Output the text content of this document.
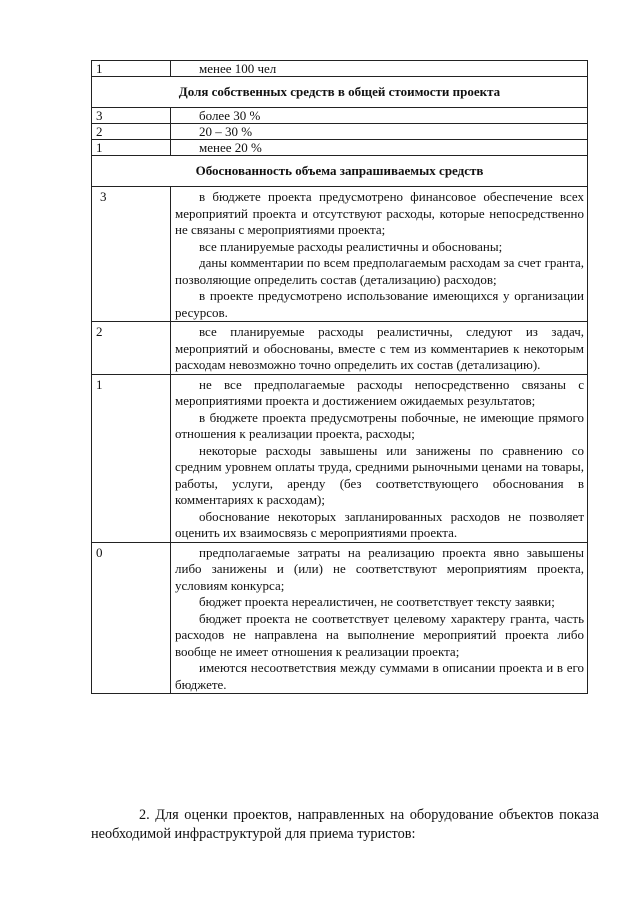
1	менее 100 чел

Доля собственных средств в общей стоимости проекта	
3	более 30 %

2	20 – 30 %

1	менее 20 %

Обоснованность объема запрашиваемых средств	
3	в бюджете проекта предусмотрено финансовое обеспечение всех мероприятий проекта и отсутствуют расходы, которые непосредственно не связаны с мероприятиями проекта;

все планируемые расходы реалистичны и обоснованы;

даны комментарии по всем предполагаемым расходам за счет гранта, позволяющие определить состав (детализацию) расходов;

в проекте предусмотрено использование имеющихся у организации ресурсов.

2	все планируемые расходы реалистичны, следуют из задач, мероприятий и обоснованы, вместе с тем из комментариев к некоторым расходам невозможно точно определить их состав (детализацию).

1	не все предполагаемые расходы непосредственно связаны с мероприятиями проекта и достижением ожидаемых результатов;

в бюджете проекта предусмотрены побочные, не имеющие прямого отношения к реализации проекта, расходы;

некоторые расходы завышены или занижены по сравнению со средним уровнем оплаты труда, средними рыночными ценами на товары, работы, услуги, аренду (без соответствующего обоснования в комментариях к расходам);

обоснование некоторых запланированных расходов не позволяет оценить их взаимосвязь с мероприятиями проекта.

0	предполагаемые затраты на реализацию проекта явно завышены либо занижены и (или) не соответствуют мероприятиям проекта, условиям конкурса;

бюджет проекта нереалистичен, не соответствует тексту заявки;

бюджет проекта не соответствует целевому характеру гранта, часть расходов не направлена на выполнение мероприятий проекта либо вообще не имеет отношения к реализации проекта;

имеются несоответствия между суммами в описании проекта и в его бюджете.

2. Для оценки проектов, направленных на оборудование объектов показа необходимой инфраструктурой для приема туристов:
